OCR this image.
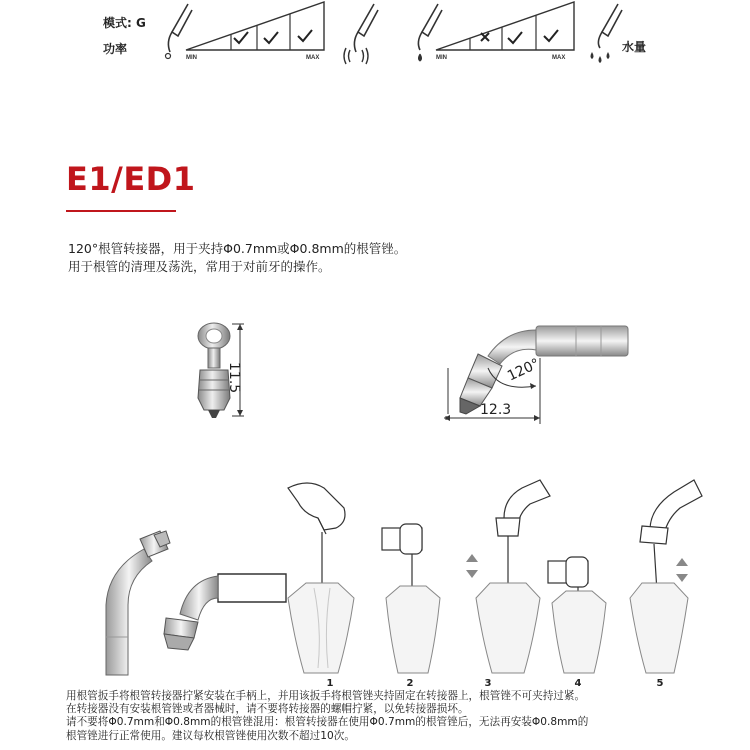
模式: G
功率
MIN	MAX	MIN	MAX
水量
E1/ED1
120°根管转接器，用于夹持Φ0.7mm或Φ0.8mm的根管锉。
用于根管的清理及荡洗，常用于对前牙的操作。
11.5	120°
12.3
1	2	3	4	5
用根管扳手将根管转接器拧紧安装在手柄上，并用该扳手将根管锉夹持固定在转接器上，根管锉不可夹持过紧。
在转接器没有安装根管锉或者器械时，请不要将转接器的螺帽拧紧，以免转接器损坏。
请不要将Φ0.7mm和Φ0.8mm的根管锉混用：根管转接器在使用Φ0.7mm的根管锉后，无法再安装Φ0.8mm的
根管锉进行正常使用。建议每枚根管锉使用次数不超过10次。
